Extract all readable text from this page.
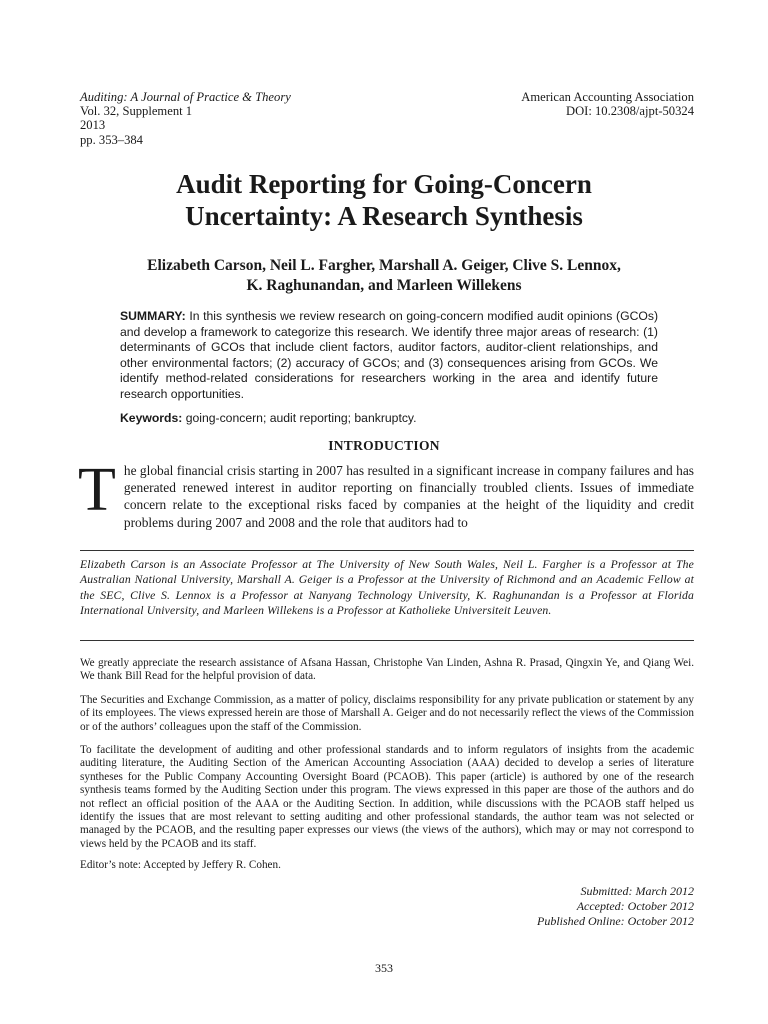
Auditing: A Journal of Practice & Theory
Vol. 32, Supplement 1
2013
pp. 353–384
American Accounting Association
DOI: 10.2308/ajpt-50324
Audit Reporting for Going-Concern
Uncertainty: A Research Synthesis
Elizabeth Carson, Neil L. Fargher, Marshall A. Geiger, Clive S. Lennox,
K. Raghunandan, and Marleen Willekens
SUMMARY: In this synthesis we review research on going-concern modified audit opinions (GCOs) and develop a framework to categorize this research. We identify three major areas of research: (1) determinants of GCOs that include client factors, auditor factors, auditor-client relationships, and other environmental factors; (2) accuracy of GCOs; and (3) consequences arising from GCOs. We identify method-related considerations for researchers working in the area and identify future research opportunities.
Keywords: going-concern; audit reporting; bankruptcy.
INTRODUCTION
The global financial crisis starting in 2007 has resulted in a significant increase in company failures and has generated renewed interest in auditor reporting on financially troubled clients. Issues of immediate concern relate to the exceptional risks faced by companies at the height of the liquidity and credit problems during 2007 and 2008 and the role that auditors had to
Elizabeth Carson is an Associate Professor at The University of New South Wales, Neil L. Fargher is a Professor at The Australian National University, Marshall A. Geiger is a Professor at the University of Richmond and an Academic Fellow at the SEC, Clive S. Lennox is a Professor at Nanyang Technology University, K. Raghunandan is a Professor at Florida International University, and Marleen Willekens is a Professor at Katholieke Universiteit Leuven.

We greatly appreciate the research assistance of Afsana Hassan, Christophe Van Linden, Ashna R. Prasad, Qingxin Ye, and Qiang Wei. We thank Bill Read for the helpful provision of data.

The Securities and Exchange Commission, as a matter of policy, disclaims responsibility for any private publication or statement by any of its employees. The views expressed herein are those of Marshall A. Geiger and do not necessarily reflect the views of the Commission or of the authors’ colleagues upon the staff of the Commission.

To facilitate the development of auditing and other professional standards and to inform regulators of insights from the academic auditing literature, the Auditing Section of the American Accounting Association (AAA) decided to develop a series of literature syntheses for the Public Company Accounting Oversight Board (PCAOB). This paper (article) is authored by one of the research synthesis teams formed by the Auditing Section under this program. The views expressed in this paper are those of the authors and do not reflect an official position of the AAA or the Auditing Section. In addition, while discussions with the PCAOB staff helped us identify the issues that are most relevant to setting auditing and other professional standards, the author team was not selected or managed by the PCAOB, and the resulting paper expresses our views (the views of the authors), which may or may not correspond to views held by the PCAOB and its staff.

Editor’s note: Accepted by Jeffery R. Cohen.

Submitted: March 2012
Accepted: October 2012
Published Online: October 2012
353
